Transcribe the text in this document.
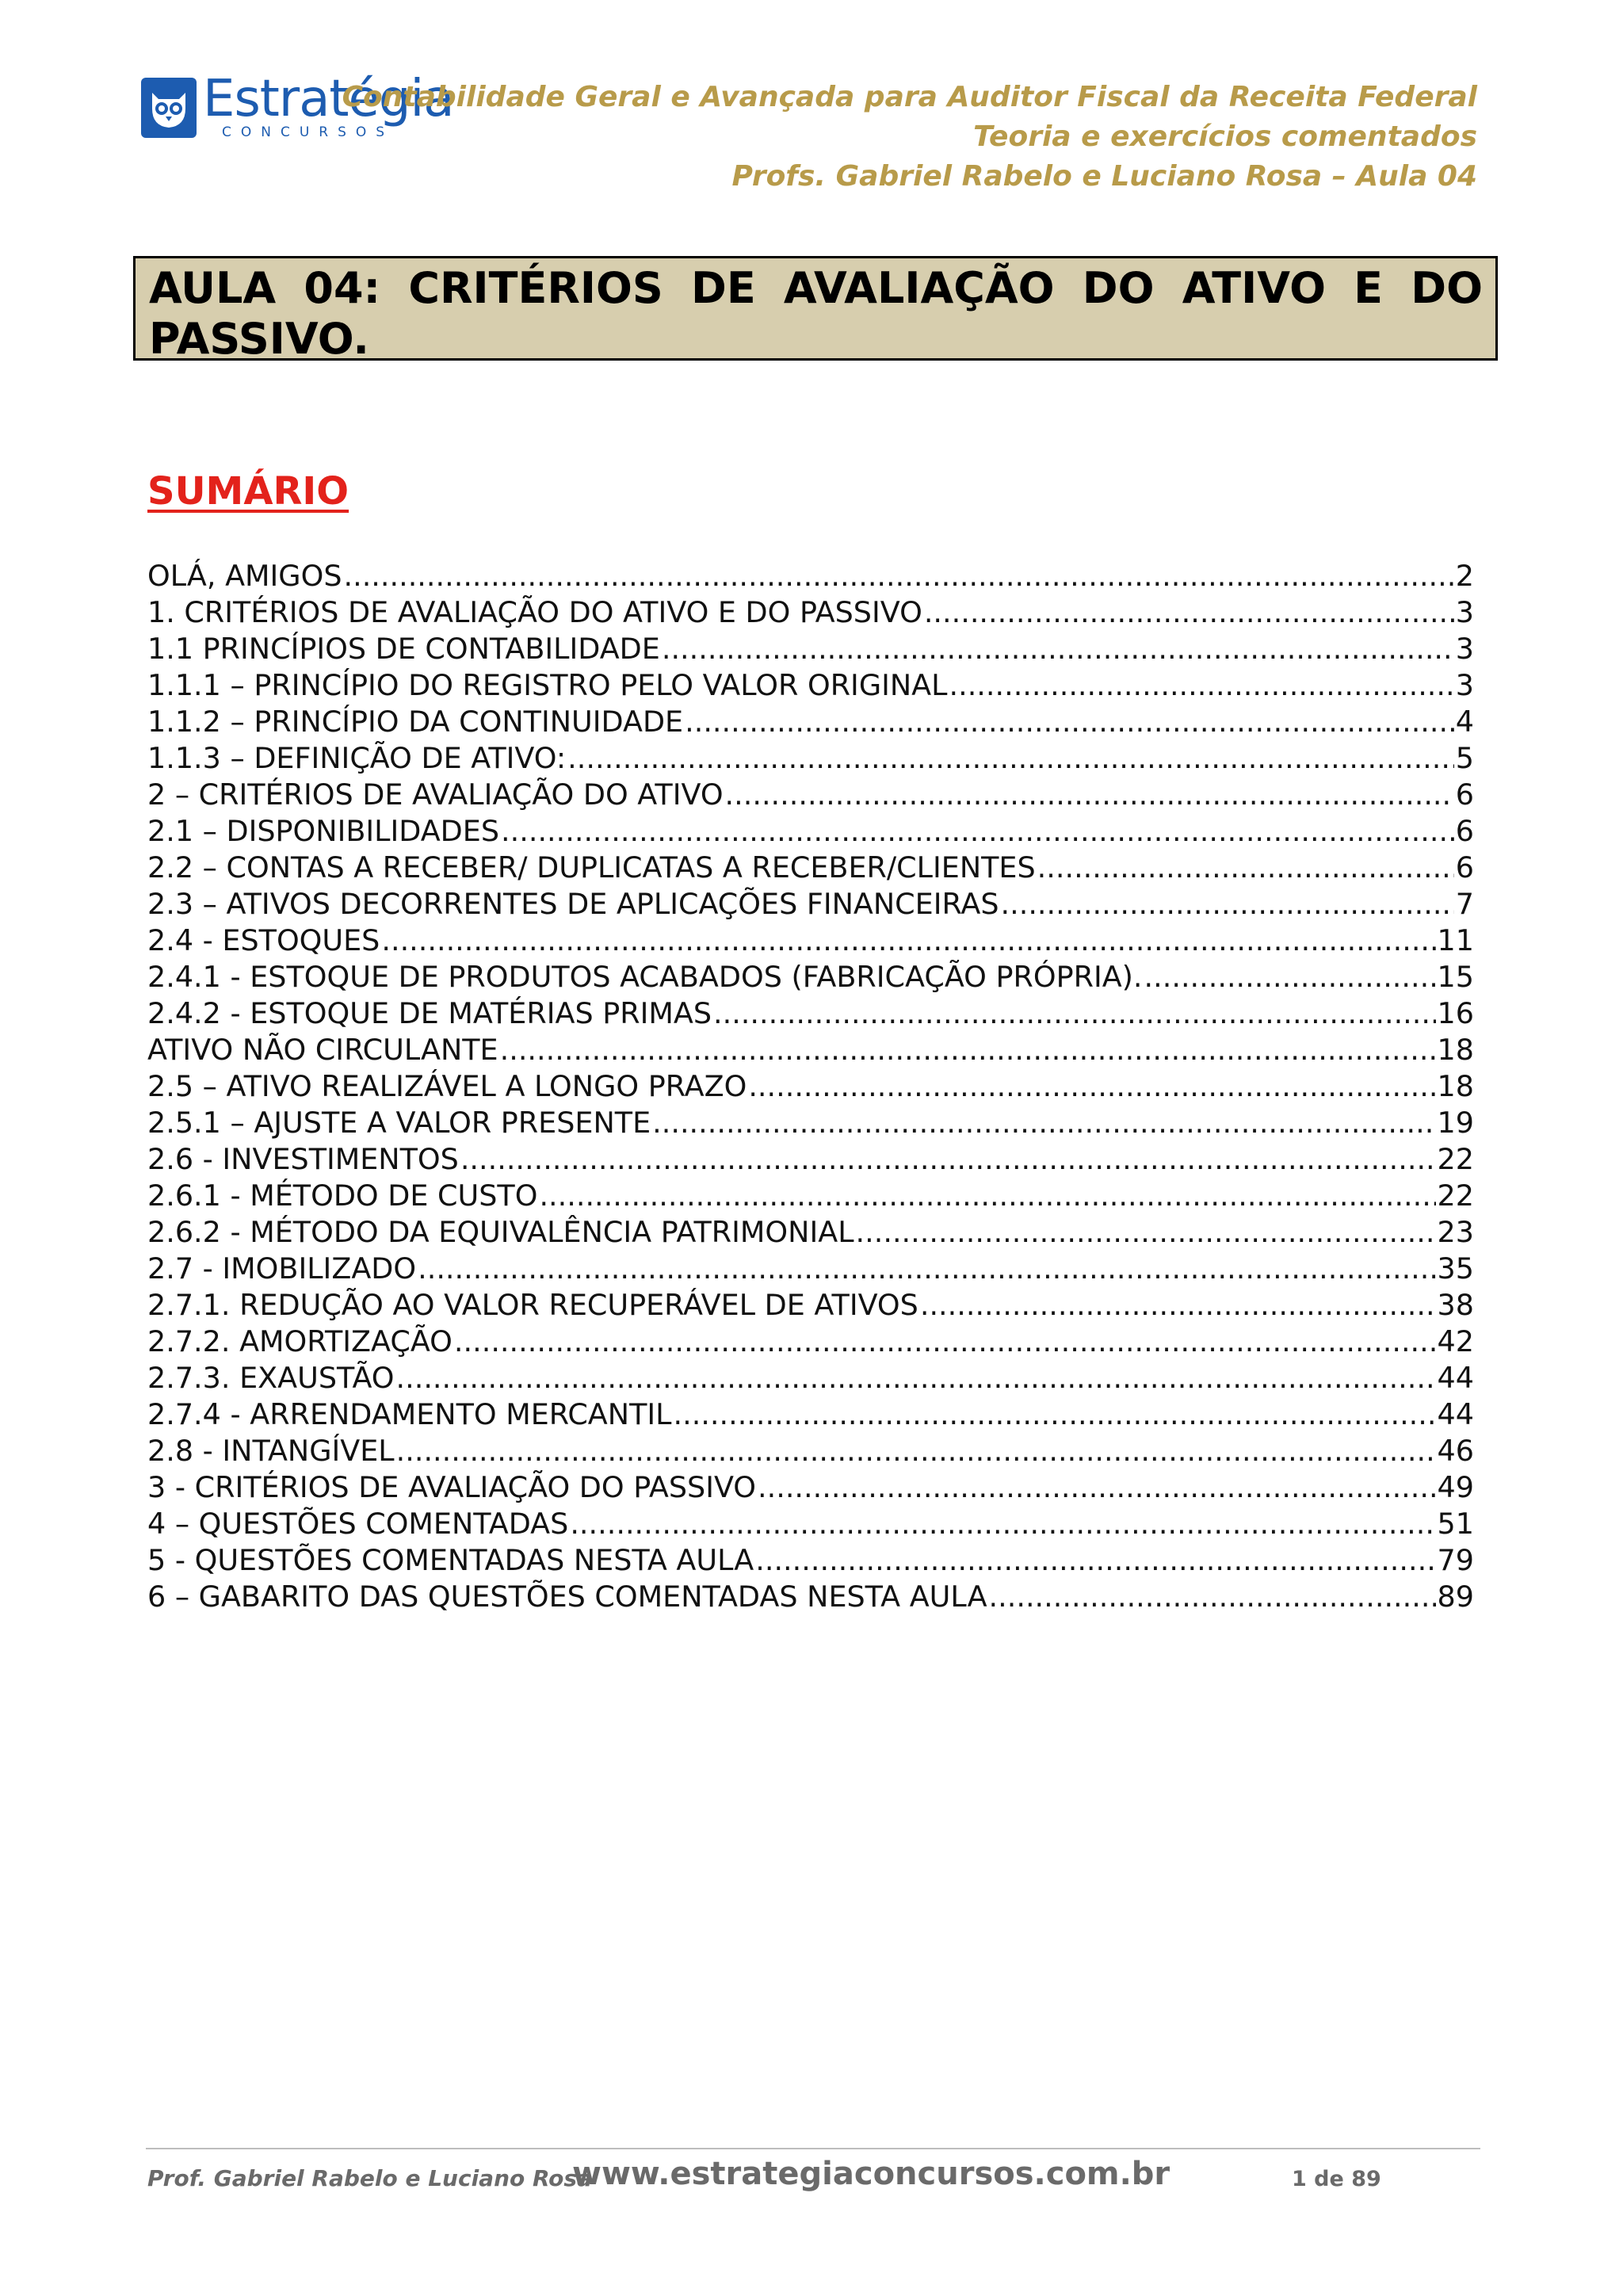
Estratégia
CONCURSOS
Contabilidade Geral e Avançada para Auditor Fiscal da Receita Federal
Teoria e exercícios comentados
Profs. Gabriel Rabelo e Luciano Rosa – Aula 04
AULA 04: CRITÉRIOS DE AVALIAÇÃO DO ATIVO E DO PASSIVO.
SUMÁRIO
OLÁ, AMIGOS .....	2
1. CRITÉRIOS DE AVALIAÇÃO DO ATIVO E DO PASSIVO .....	3
1.1 PRINCÍPIOS DE CONTABILIDADE .....	3
1.1.1 – PRINCÍPIO DO REGISTRO PELO VALOR ORIGINAL .....	3
1.1.2 – PRINCÍPIO DA CONTINUIDADE .....	4
1.1.3 – DEFINIÇÃO DE ATIVO: .....	5
2 – CRITÉRIOS DE AVALIAÇÃO DO ATIVO .....	6
2.1 – DISPONIBILIDADES .....	6
2.2 – CONTAS A RECEBER/ DUPLICATAS A RECEBER/CLIENTES .....	6
2.3 – ATIVOS DECORRENTES DE APLICAÇÕES FINANCEIRAS .....	7
2.4 - ESTOQUES .....	11
2.4.1 - ESTOQUE DE PRODUTOS ACABADOS (FABRICAÇÃO PRÓPRIA). .....	15
2.4.2 - ESTOQUE DE MATÉRIAS PRIMAS .....	16
ATIVO NÃO CIRCULANTE .....	18
2.5 – ATIVO REALIZÁVEL A LONGO PRAZO .....	18
2.5.1 – AJUSTE A VALOR PRESENTE .....	19
2.6 - INVESTIMENTOS .....	22
2.6.1 - MÉTODO DE CUSTO .....	22
2.6.2 - MÉTODO DA EQUIVALÊNCIA PATRIMONIAL .....	23
2.7 - IMOBILIZADO .....	35
2.7.1. REDUÇÃO AO VALOR RECUPERÁVEL DE ATIVOS .....	38
2.7.2. AMORTIZAÇÃO .....	42
2.7.3. EXAUSTÃO .....	44
2.7.4 - ARRENDAMENTO MERCANTIL .....	44
2.8 - INTANGÍVEL .....	46
3 - CRITÉRIOS DE AVALIAÇÃO DO PASSIVO .....	49
4 – QUESTÕES COMENTADAS .....	51
5 - QUESTÕES COMENTADAS NESTA AULA .....	79
6 – GABARITO DAS QUESTÕES COMENTADAS NESTA AULA .....	89
Prof. Gabriel Rabelo e Luciano Rosa
www.estrategiaconcursos.com.br	1 de 89
